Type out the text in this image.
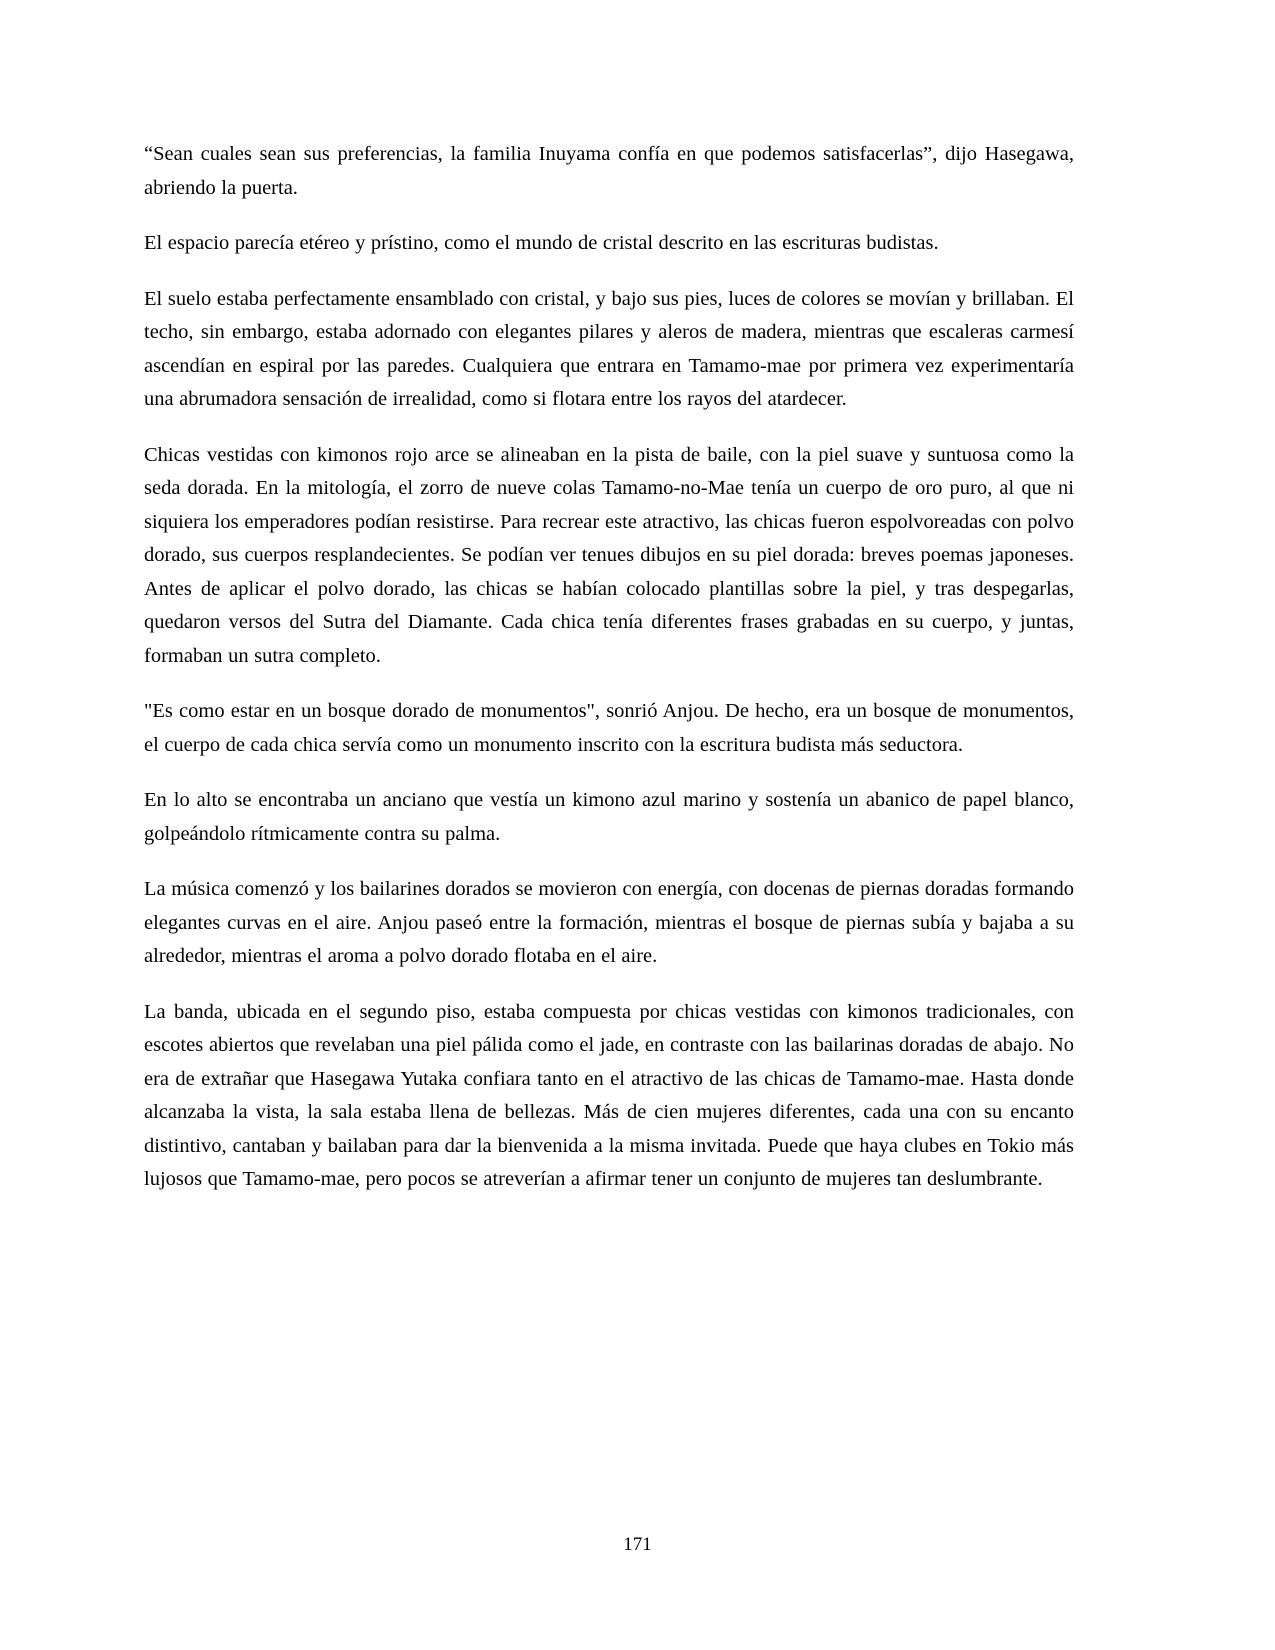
“Sean cuales sean sus preferencias, la familia Inuyama confía en que podemos satisfacerlas”, dijo Hasegawa, abriendo la puerta.

El espacio parecía etéreo y prístino, como el mundo de cristal descrito en las escrituras budistas.

El suelo estaba perfectamente ensamblado con cristal, y bajo sus pies, luces de colores se movían y brillaban. El techo, sin embargo, estaba adornado con elegantes pilares y aleros de madera, mientras que escaleras carmesí ascendían en espiral por las paredes. Cualquiera que entrara en Tamamo-mae por primera vez experimentaría una abrumadora sensación de irrealidad, como si flotara entre los rayos del atardecer.

Chicas vestidas con kimonos rojo arce se alineaban en la pista de baile, con la piel suave y suntuosa como la seda dorada. En la mitología, el zorro de nueve colas Tamamo-no-Mae tenía un cuerpo de oro puro, al que ni siquiera los emperadores podían resistirse. Para recrear este atractivo, las chicas fueron espolvoreadas con polvo dorado, sus cuerpos resplandecientes. Se podían ver tenues dibujos en su piel dorada: breves poemas japoneses. Antes de aplicar el polvo dorado, las chicas se habían colocado plantillas sobre la piel, y tras despegarlas, quedaron versos del Sutra del Diamante. Cada chica tenía diferentes frases grabadas en su cuerpo, y juntas, formaban un sutra completo.

"Es como estar en un bosque dorado de monumentos", sonrió Anjou. De hecho, era un bosque de monumentos, el cuerpo de cada chica servía como un monumento inscrito con la escritura budista más seductora.

En lo alto se encontraba un anciano que vestía un kimono azul marino y sostenía un abanico de papel blanco, golpeándolo rítmicamente contra su palma.

La música comenzó y los bailarines dorados se movieron con energía, con docenas de piernas doradas formando elegantes curvas en el aire. Anjou paseó entre la formación, mientras el bosque de piernas subía y bajaba a su alrededor, mientras el aroma a polvo dorado flotaba en el aire.

La banda, ubicada en el segundo piso, estaba compuesta por chicas vestidas con kimonos tradicionales, con escotes abiertos que revelaban una piel pálida como el jade, en contraste con las bailarinas doradas de abajo. No era de extrañar que Hasegawa Yutaka confiara tanto en el atractivo de las chicas de Tamamo-mae. Hasta donde alcanzaba la vista, la sala estaba llena de bellezas. Más de cien mujeres diferentes, cada una con su encanto distintivo, cantaban y bailaban para dar la bienvenida a la misma invitada. Puede que haya clubes en Tokio más lujosos que Tamamo-mae, pero pocos se atreverían a afirmar tener un conjunto de mujeres tan deslumbrante.

171
